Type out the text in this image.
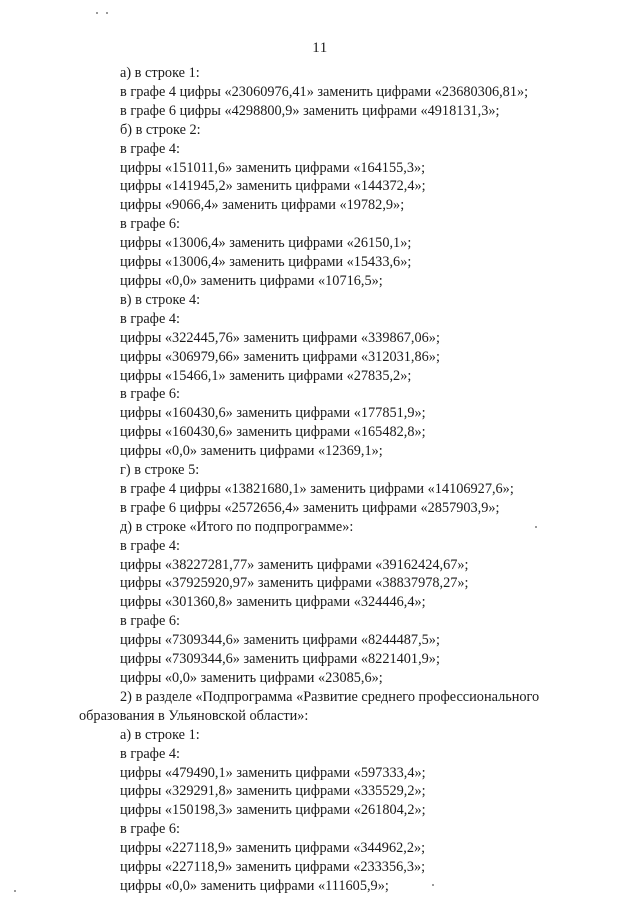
11
а) в строке 1:
в графе 4 цифры «23060976,41» заменить цифрами «23680306,81»;
в графе 6 цифры «4298800,9» заменить цифрами «4918131,3»;
б) в строке 2:
в графе 4:
цифры «151011,6» заменить цифрами «164155,3»;
цифры «141945,2» заменить цифрами «144372,4»;
цифры «9066,4» заменить цифрами «19782,9»;
в графе 6:
цифры «13006,4» заменить цифрами «26150,1»;
цифры «13006,4» заменить цифрами «15433,6»;
цифры «0,0» заменить цифрами «10716,5»;
в) в строке 4:
в графе 4:
цифры «322445,76» заменить цифрами «339867,06»;
цифры «306979,66» заменить цифрами «312031,86»;
цифры «15466,1» заменить цифрами «27835,2»;
в графе 6:
цифры «160430,6» заменить цифрами «177851,9»;
цифры «160430,6» заменить цифрами «165482,8»;
цифры «0,0» заменить цифрами «12369,1»;
г) в строке 5:
в графе 4 цифры «13821680,1» заменить цифрами «14106927,6»;
в графе 6 цифры «2572656,4» заменить цифрами «2857903,9»;
д) в строке «Итого по подпрограмме»:
в графе 4:
цифры «38227281,77» заменить цифрами «39162424,67»;
цифры «37925920,97» заменить цифрами «38837978,27»;
цифры «301360,8» заменить цифрами «324446,4»;
в графе 6:
цифры «7309344,6» заменить цифрами «8244487,5»;
цифры «7309344,6» заменить цифрами «8221401,9»;
цифры «0,0» заменить цифрами «23085,6»;
2) в разделе «Подпрограмма «Развитие среднего профессионального
образования в Ульяновской области»:
а) в строке 1:
в графе 4:
цифры «479490,1» заменить цифрами «597333,4»;
цифры «329291,8» заменить цифрами «335529,2»;
цифры «150198,3» заменить цифрами «261804,2»;
в графе 6:
цифры «227118,9» заменить цифрами «344962,2»;
цифры «227118,9» заменить цифрами «233356,3»;
цифры «0,0» заменить цифрами «111605,9»;
